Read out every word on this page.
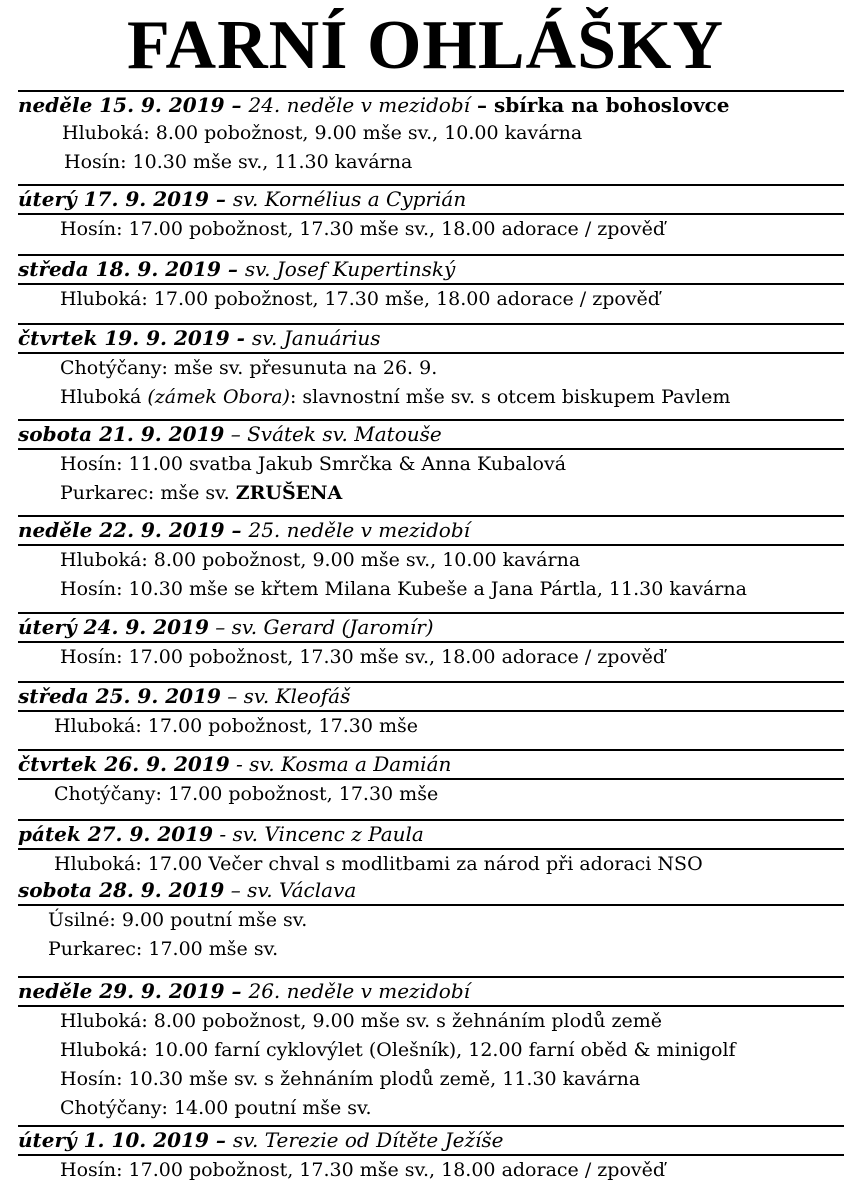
FARNÍ OHLÁŠKY
neděle 15. 9. 2019 – 24. neděle v mezidobí – sbírka na bohoslovce
Hluboká: 8.00 pobožnost, 9.00 mše sv., 10.00 kavárna
Hosín: 10.30 mše sv., 11.30 kavárna
úterý 17. 9. 2019 – sv. Kornélius a Cyprián
Hosín: 17.00 pobožnost, 17.30 mše sv., 18.00 adorace / zpověď
středa 18. 9. 2019 – sv. Josef Kupertinský
Hluboká: 17.00 pobožnost, 17.30 mše, 18.00 adorace / zpověď
čtvrtek 19. 9. 2019 - sv. Januárius
Chotýčany: mše sv. přesunuta na 26. 9.
Hluboká (zámek Obora): slavnostní mše sv. s otcem biskupem Pavlem
sobota 21. 9. 2019 – Svátek sv. Matouše
Hosín: 11.00 svatba Jakub Smrčka & Anna Kubalová
Purkarec: mše sv. ZRUŠENA
neděle 22. 9. 2019 – 25. neděle v mezidobí
Hluboká: 8.00 pobožnost, 9.00 mše sv., 10.00 kavárna
Hosín: 10.30 mše se křtem Milana Kubeše a Jana Pártla, 11.30 kavárna
úterý 24. 9. 2019 – sv. Gerard (Jaromír)
Hosín: 17.00 pobožnost, 17.30 mše sv., 18.00 adorace / zpověď
středa 25. 9. 2019 – sv. Kleofáš
Hluboká: 17.00 pobožnost, 17.30 mše
čtvrtek 26. 9. 2019 - sv. Kosma a Damián
Chotýčany: 17.00 pobožnost, 17.30 mše
pátek 27. 9. 2019 - sv. Vincenc z Paula
Hluboká: 17.00 Večer chval s modlitbami za národ při adoraci NSO
sobota 28. 9. 2019 – sv. Václava
Úsilné: 9.00 poutní mše sv.
Purkarec: 17.00 mše sv.
neděle 29. 9. 2019 – 26. neděle v mezidobí
Hluboká: 8.00 pobožnost, 9.00 mše sv. s žehnáním plodů země
Hluboká: 10.00 farní cyklovýlet (Olešník), 12.00 farní oběd & minigolf
Hosín: 10.30 mše sv. s žehnáním plodů země, 11.30 kavárna
Chotýčany: 14.00 poutní mše sv.
úterý 1. 10. 2019 – sv. Terezie od Dítěte Ježíše
Hosín: 17.00 pobožnost, 17.30 mše sv., 18.00 adorace / zpověď
